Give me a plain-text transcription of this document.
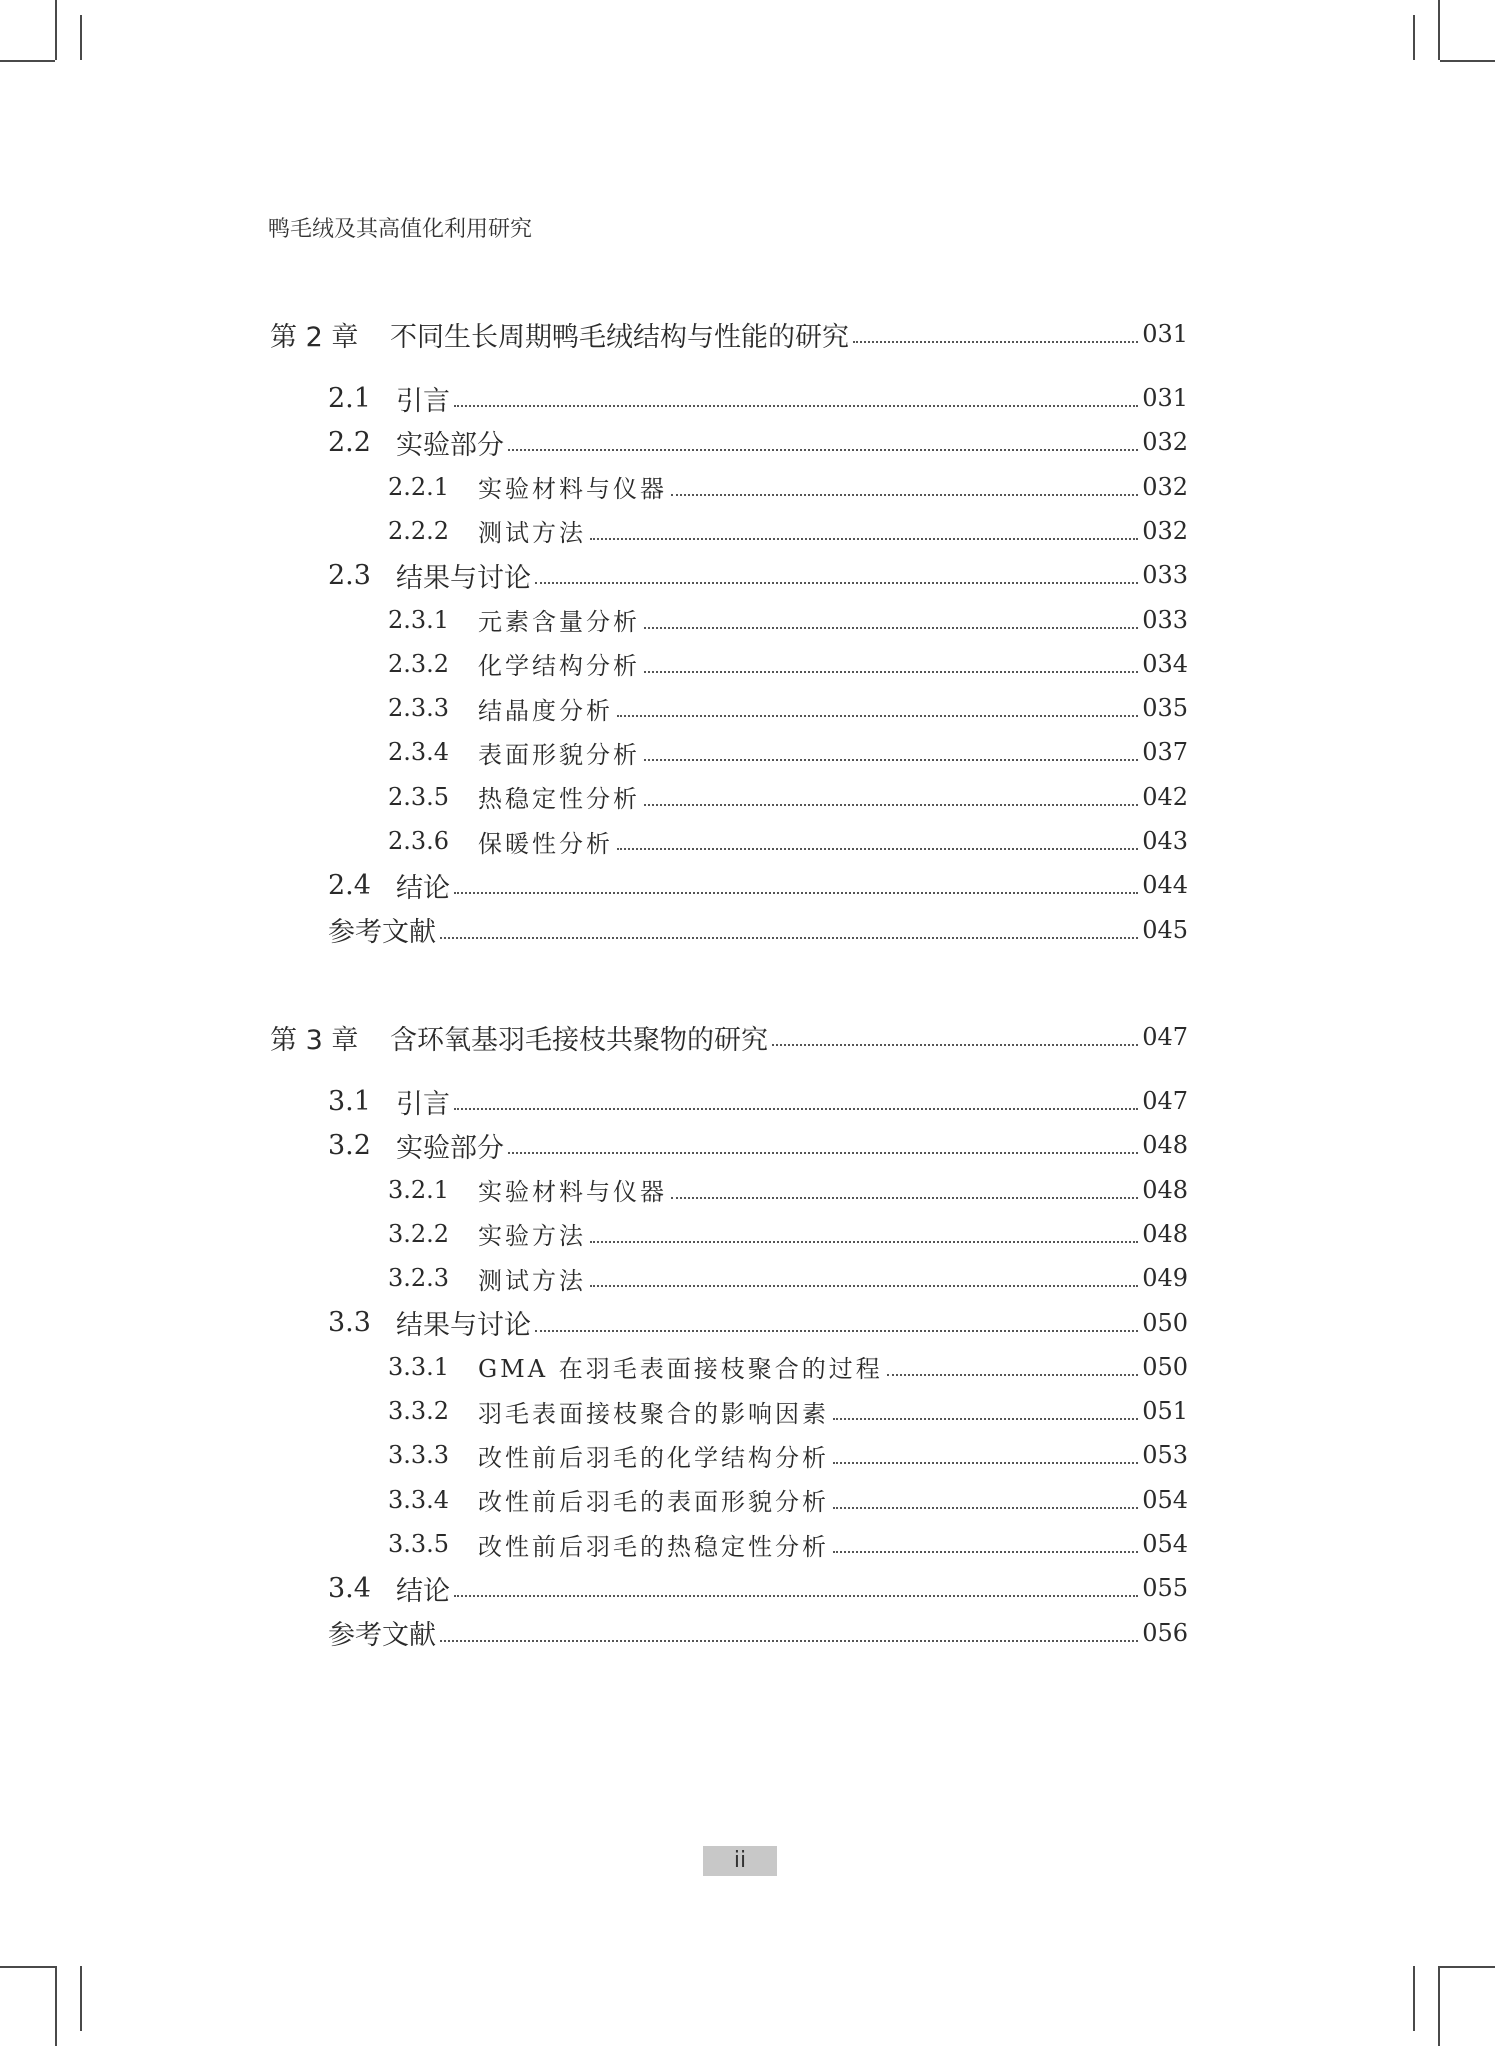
鸭毛绒及其高值化利用研究
第 2 章	不同生长周期鸭毛绒结构与性能的研究	031
2.1 引言	031
2.2 实验部分	032
2.2.1	实验材料与仪器	032
2.2.2	测试方法	032
2.3 结果与讨论	033
2.3.1	元素含量分析	033
2.3.2	化学结构分析	034
2.3.3	结晶度分析	035
2.3.4	表面形貌分析	037
2.3.5	热稳定性分析	042
2.3.6	保暖性分析	043
2.4 结论	044
参考文献	045
第 3 章	含环氧基羽毛接枝共聚物的研究	047
3.1 引言	047
3.2 实验部分	048
3.2.1	实验材料与仪器	048
3.2.2	实验方法	048
3.2.3	测试方法	049
3.3 结果与讨论	050
3.3.1	GMA 在羽毛表面接枝聚合的过程	050
3.3.2	羽毛表面接枝聚合的影响因素	051
3.3.3	改性前后羽毛的化学结构分析	053
3.3.4	改性前后羽毛的表面形貌分析	054
3.3.5	改性前后羽毛的热稳定性分析	054
3.4 结论	055
参考文献	056
ii
